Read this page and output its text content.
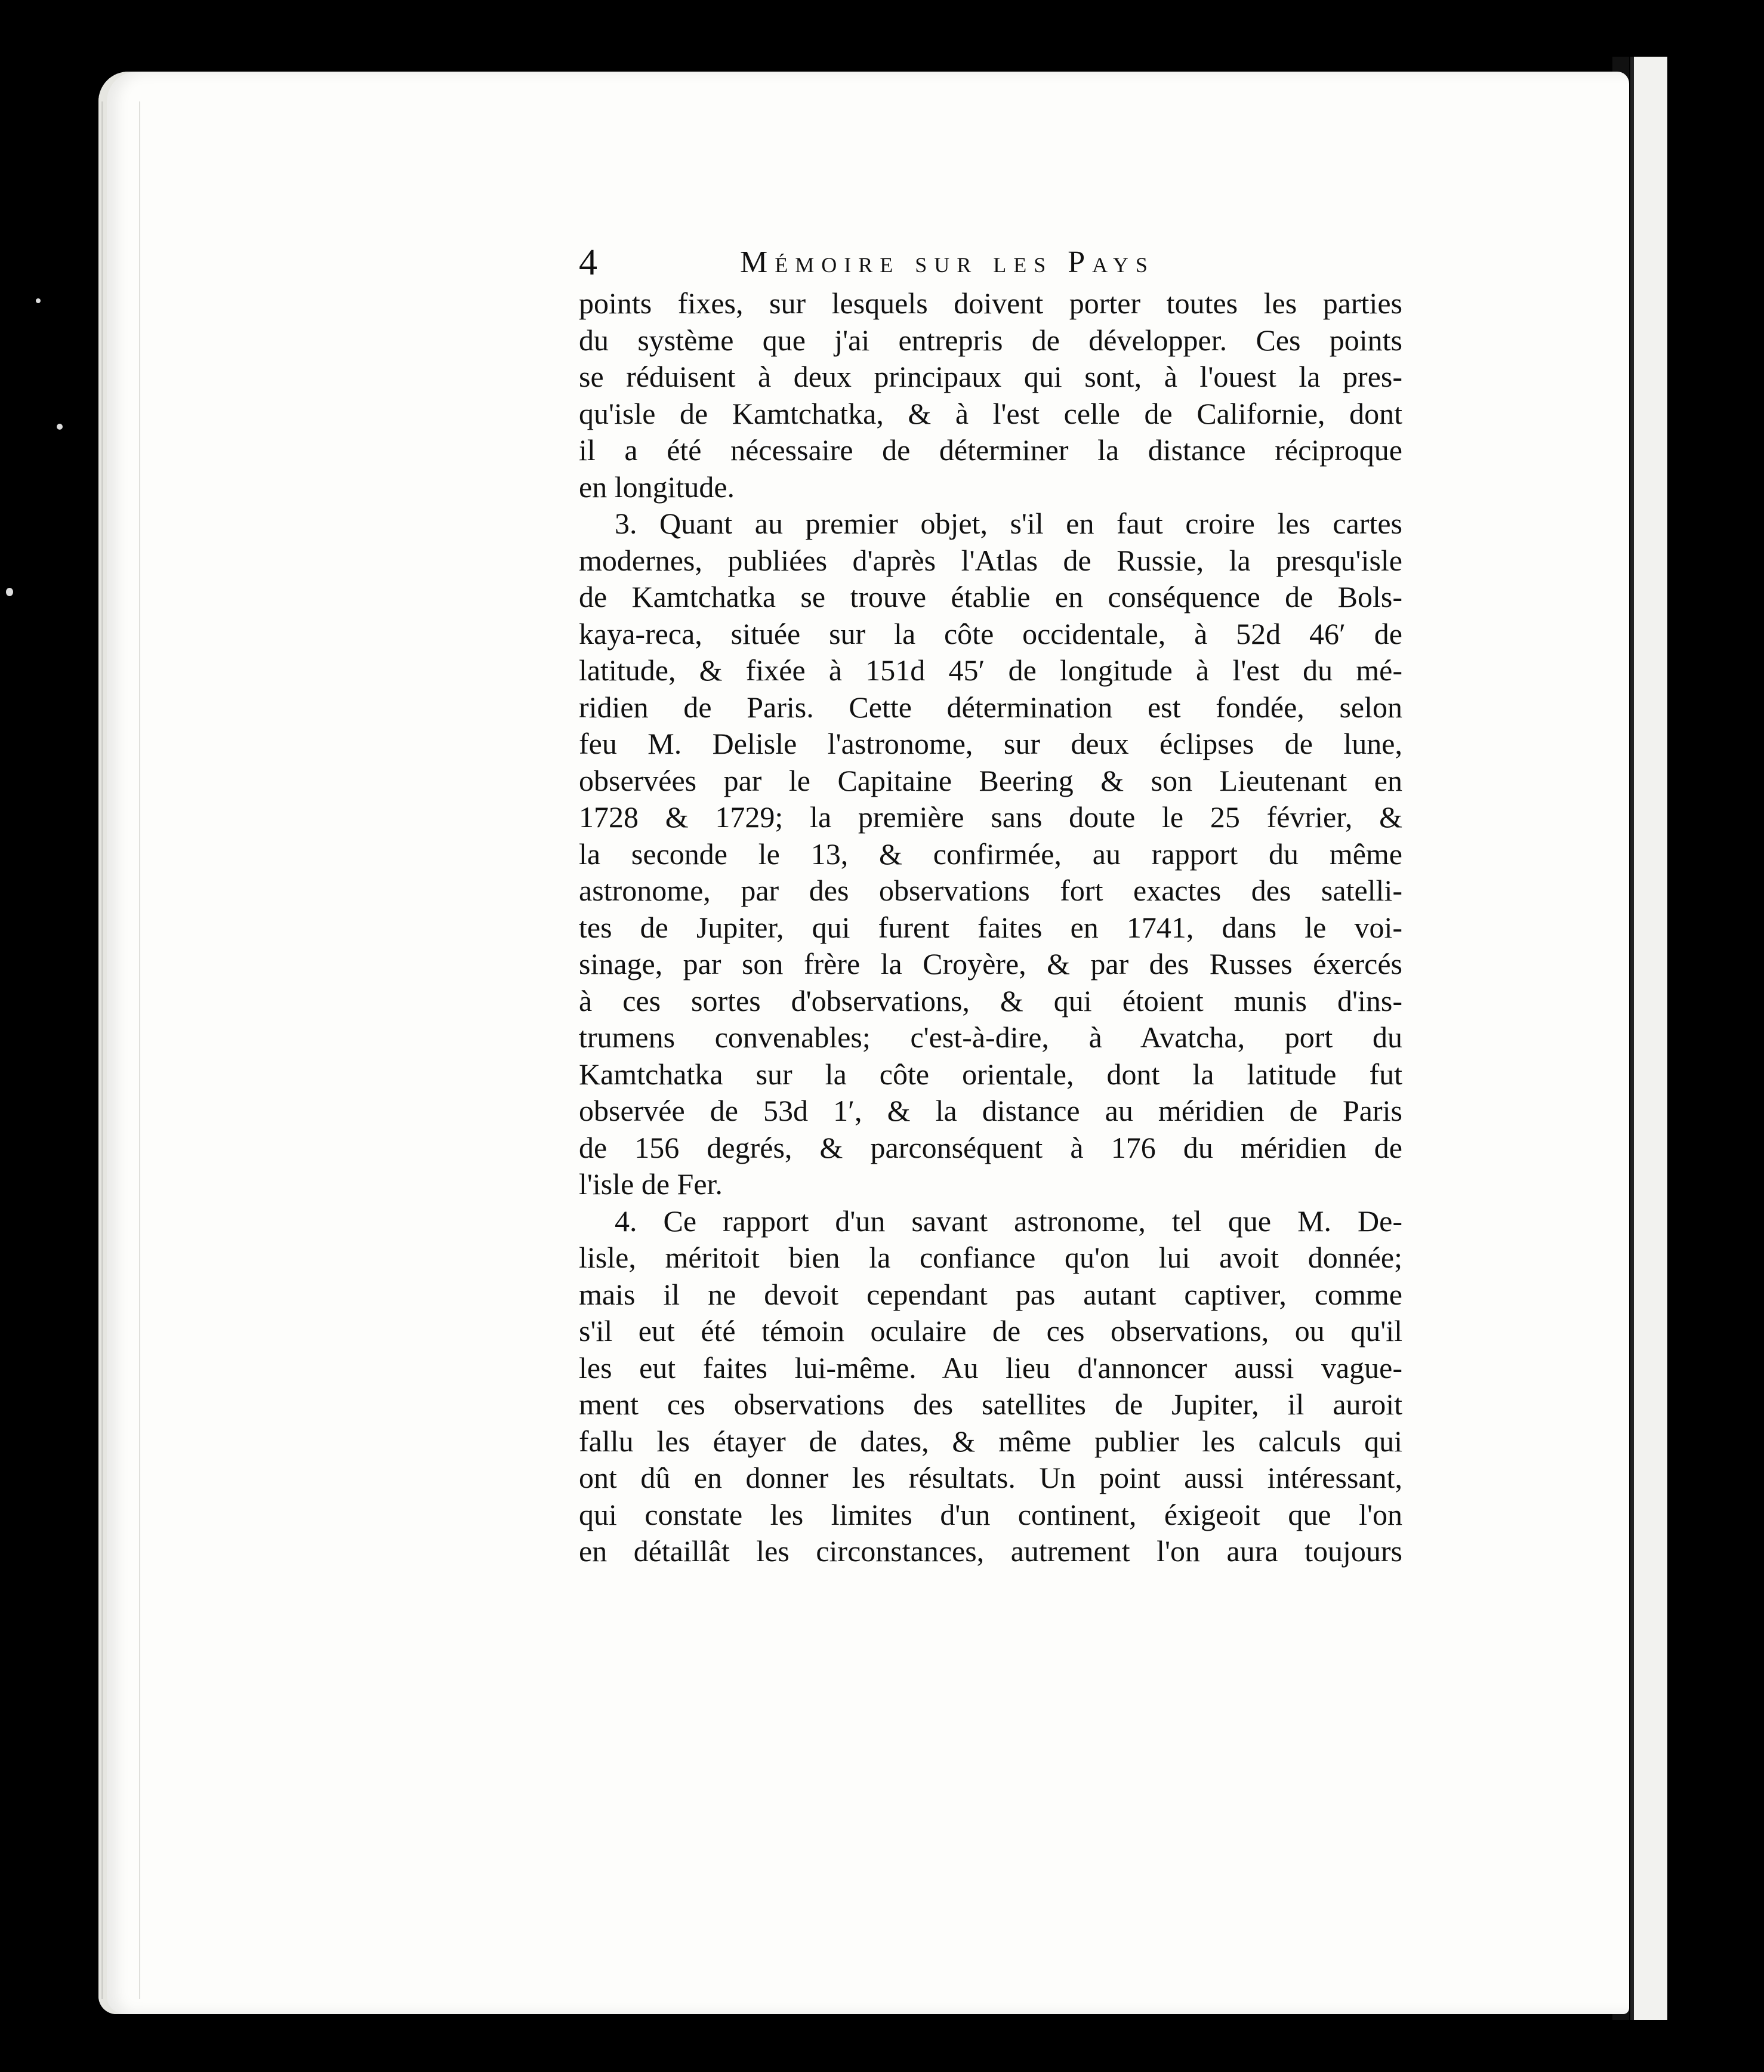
4	Mémoire sur les Pays
points fixes, sur lesquels doivent porter toutes les parties
du système que j'ai entrepris de développer. Ces points
se réduisent à deux principaux qui sont, à l'ouest la pres-
qu'isle de Kamtchatka, & à l'est celle de Californie, dont
il a été nécessaire de déterminer la distance réciproque
en longitude.
3. Quant au premier objet, s'il en faut croire les cartes
modernes, publiées d'après l'Atlas de Russie, la presqu'isle
de Kamtchatka se trouve établie en conséquence de Bols-
kaya-reca, située sur la côte occidentale, à 52d 46′ de
latitude, & fixée à 151d 45′ de longitude à l'est du mé-
ridien de Paris. Cette détermination est fondée, selon
feu M. Delisle l'astronome, sur deux éclipses de lune,
observées par le Capitaine Beering & son Lieutenant en
1728 & 1729; la première sans doute le 25 février, &
la seconde le 13, & confirmée, au rapport du même
astronome, par des observations fort exactes des satelli-
tes de Jupiter, qui furent faites en 1741, dans le voi-
sinage, par son frère la Croyère, & par des Russes éxercés
à ces sortes d'observations, & qui étoient munis d'ins-
trumens convenables; c'est-à-dire, à Avatcha, port du
Kamtchatka sur la côte orientale, dont la latitude fut
observée de 53d 1′, & la distance au méridien de Paris
de 156 degrés, & parconséquent à 176 du méridien de
l'isle de Fer.
4. Ce rapport d'un savant astronome, tel que M. De-
lisle, méritoit bien la confiance qu'on lui avoit donnée;
mais il ne devoit cependant pas autant captiver, comme
s'il eut été témoin oculaire de ces observations, ou qu'il
les eut faites lui-même. Au lieu d'annoncer aussi vague-
ment ces observations des satellites de Jupiter, il auroit
fallu les étayer de dates, & même publier les calculs qui
ont dû en donner les résultats. Un point aussi intéressant,
qui constate les limites d'un continent, éxigeoit que l'on
en détaillât les circonstances, autrement l'on aura toujours
